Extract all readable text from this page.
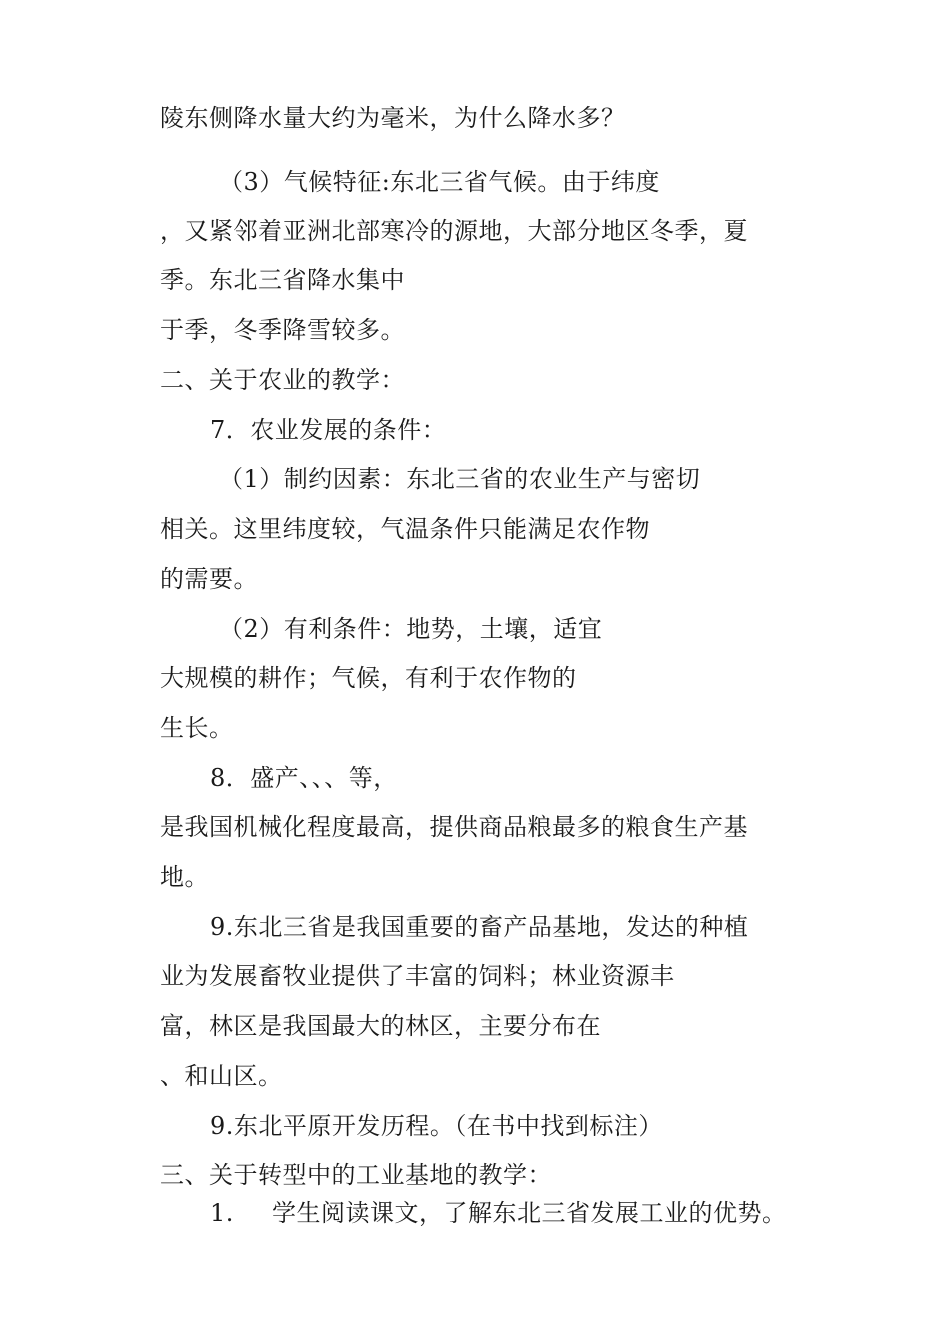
陵东侧降水量大约为毫米，为什么降水多？
（3）气候特征:东北三省气候。由于纬度
，又紧邻着亚洲北部寒冷的源地，大部分地区冬季，夏
季。东北三省降水集中
于季，冬季降雪较多。
二、关于农业的教学：
7．农业发展的条件：
（1）制约因素：东北三省的农业生产与密切
相关。这里纬度较，气温条件只能满足农作物
的需要。
（2）有利条件：地势，土壤，适宜
大规模的耕作；气候，有利于农作物的
生长。
8．盛产、、、等，
是我国机械化程度最高，提供商品粮最多的粮食生产基
地。
9.东北三省是我国重要的畜产品基地，发达的种植
业为发展畜牧业提供了丰富的饲料；林业资源丰
富，林区是我国最大的林区，主要分布在
、和山区。
9.东北平原开发历程。（在书中找到标注）
三、关于转型中的工业基地的教学：
1. 学生阅读课文，了解东北三省发展工业的优势。
